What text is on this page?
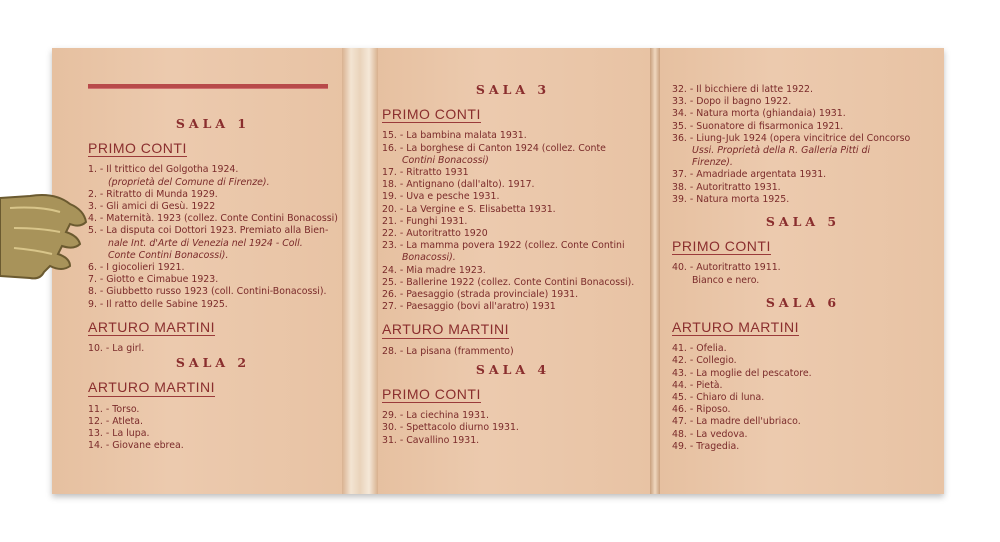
SALA 1
PRIMO CONTI
1. - Il trittico del Golgotha 1924.
(proprietà del Comune di Firenze).
2. - Ritratto di Munda 1929.
3. - Gli amici di Gesù. 1922
4. - Maternità. 1923 (collez. Conte Contini Bonacossi)
5. - La disputa coi Dottori 1923. Premiato alla Bien-
nale Int. d'Arte di Venezia nel 1924 - Coll.
Conte Contini Bonacossi).
6. - I giocolieri 1921.
7. - Giotto e Cimabue 1923.
8. - Giubbetto russo 1923 (coll. Contini-Bonacossi).
9. - Il ratto delle Sabine 1925.
ARTURO MARTINI
10. - La girl.
SALA 2
ARTURO MARTINI
11. - Torso.
12. - Atleta.
13. - La lupa.
14. - Giovane ebrea.
SALA 3
PRIMO CONTI
15. - La bambina malata 1931.
16. - La borghese di Canton 1924 (collez. Conte
Contini Bonacossi)
17. - Ritratto 1931
18. - Antignano (dall'alto). 1917.
19. - Uva e pesche 1931.
20. - La Vergine e S. Elisabetta 1931.
21. - Funghi 1931.
22. - Autoritratto 1920
23. - La mamma povera 1922 (collez. Conte Contini
Bonacossi).
24. - Mia madre 1923.
25. - Ballerine 1922 (collez. Conte Contini Bonacossi).
26. - Paesaggio (strada provinciale) 1931.
27. - Paesaggio (bovi all'aratro) 1931
ARTURO MARTINI
28. - La pisana (frammento)
SALA 4
PRIMO CONTI
29. - La ciechina 1931.
30. - Spettacolo diurno 1931.
31. - Cavallino 1931.
32. - Il bicchiere di latte 1922.
33. - Dopo il bagno 1922.
34. - Natura morta (ghiandaia) 1931.
35. - Suonatore di fisarmonica 1921.
36. - Liung-Juk 1924 (opera vincitrice del Concorso
Ussi. Proprietà della R. Galleria Pitti di
Firenze).
37. - Amadriade argentata 1931.
38. - Autoritratto 1931.
39. - Natura morta 1925.
SALA 5
PRIMO CONTI
40. - Autoritratto 1911.
Bianco e nero.
SALA 6
ARTURO MARTINI
41. - Ofelia.
42. - Collegio.
43. - La moglie del pescatore.
44. - Pietà.
45. - Chiaro di luna.
46. - Riposo.
47. - La madre dell'ubriaco.
48. - La vedova.
49. - Tragedia.
